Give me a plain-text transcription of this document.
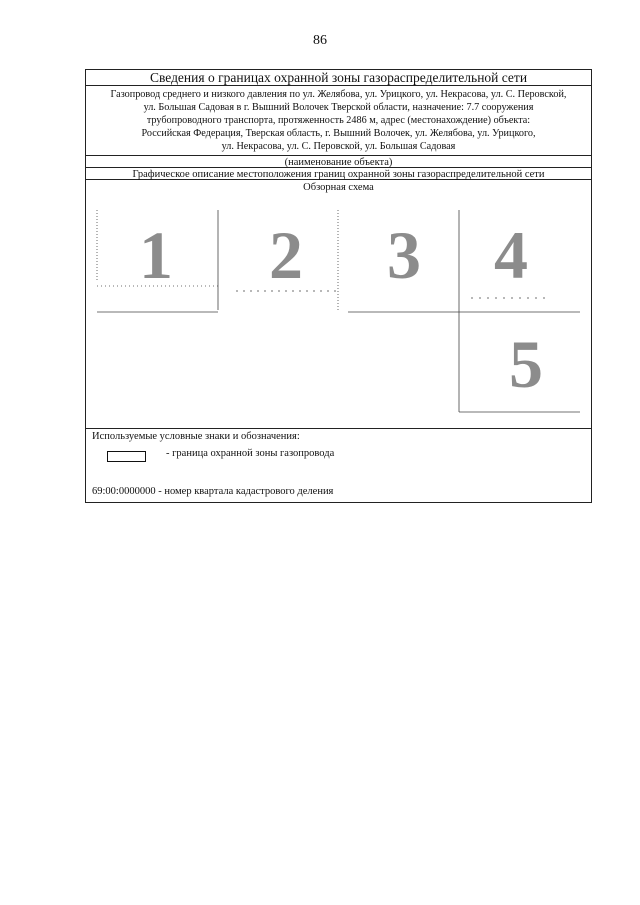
86
Сведения о границах охранной зоны газораспределительной сети
Газопровод среднего и низкого давления по ул. Желябова, ул. Урицкого, ул. Некрасова, ул. С. Перовской,
ул. Большая Садовая в г. Вышний Волочек Тверской области, назначение: 7.7 сооружения
трубопроводного транспорта, протяженность 2486 м, адрес (местонахождение) объекта:
Российская Федерация, Тверская область, г. Вышний Волочек, ул. Желябова, ул. Урицкого,
ул. Некрасова, ул. С. Перовской, ул. Большая Садовая
(наименование объекта)
Графическое описание местоположения границ охранной зоны газораспределительной сети
Обзорная схема
1 2 3 4
5
Используемые условные знаки и обозначения:
- граница охранной зоны газопровода
69:00:0000000 - номер квартала кадастрового деления
